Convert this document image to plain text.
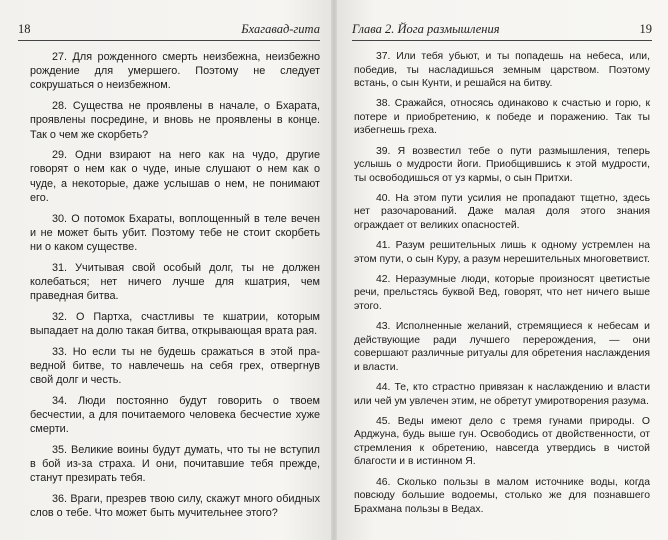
18	Бхагавад-гита

27. Для рожденного смерть неизбежна, неизбежно рождение для умершего. Поэтому не следует сокрушаться о неизбежном.

28. Существа не проявлены в начале, о Бхарата, проявлены посредине, и вновь не проявлены в конце. Так о чем же скорбеть?

29. Одни взирают на него как на чудо, другие говорят о нем как о чуде, иные слушают о нем как о чуде, а некоторые, даже услышав о нем, не понимают его.

30. О потомок Бхараты, воплощенный в теле вечен и не может быть убит. Поэтому тебе не стоит скорбеть ни о каком существе.

31. Учитывая свой особый долг, ты не должен колебаться; нет ничего лучше для кшатрия, чем праведная битва.

32. О Партха, счастливы те кшатрии, которым выпадает на долю такая битва, открывающая врата рая.

33. Но если ты не будешь сражаться в этой праведной битве, то навлечешь на себя грех, отвергнув свой долг и честь.

34. Люди постоянно будут говорить о твоем бесчестии, а для почитаемого человека бесчестие хуже смерти.

35. Великие воины будут думать, что ты не вступил в бой из-за страха. И они, почитавшие тебя прежде, станут презирать тебя.

36. Враги, презрев твою силу, скажут много обидных слов о тебе. Что может быть мучительнее этого?

Глава 2. Йога размышления	19

37. Или тебя убьют, и ты попадешь на небеса, или, победив, ты насладишься земным царством. Поэтому встань, о сын Кунти, и решайся на битву.

38. Сражайся, относясь одинаково к счастью и горю, к потере и приобретению, к победе и поражению. Так ты избегнешь греха.

39. Я возвестил тебе о пути размышления, теперь услышь о мудрости йоги. Приобщившись к этой мудрости, ты освободишься от уз кармы, о сын Притхи.

40. На этом пути усилия не пропадают тщетно, здесь нет разочарований. Даже малая доля этого знания ограждает от великих опасностей.

41. Разум решительных лишь к одному устремлен на этом пути, о сын Куру, а разум нерешительных многоветвист.

42. Неразумные люди, которые произносят цветистые речи, прельстясь буквой Вед, говорят, что нет ничего выше этого.

43. Исполненные желаний, стремящиеся к небесам и действующие ради лучшего перерождения, — они совершают различные ритуалы для обретения наслаждения и власти.

44. Те, кто страстно привязан к наслаждению и власти или чей ум увлечен этим, не обретут умиротворения разума.

45. Веды имеют дело с тремя гунами природы. О Арджуна, будь выше гун. Освободись от двойственности, от стремления к обретению, навсегда утвердись в чистой благости и в истинном Я.

46. Сколько пользы в малом источнике воды, когда повсюду большие водоемы, столько же для познавшего Брахмана пользы в Ведах.
